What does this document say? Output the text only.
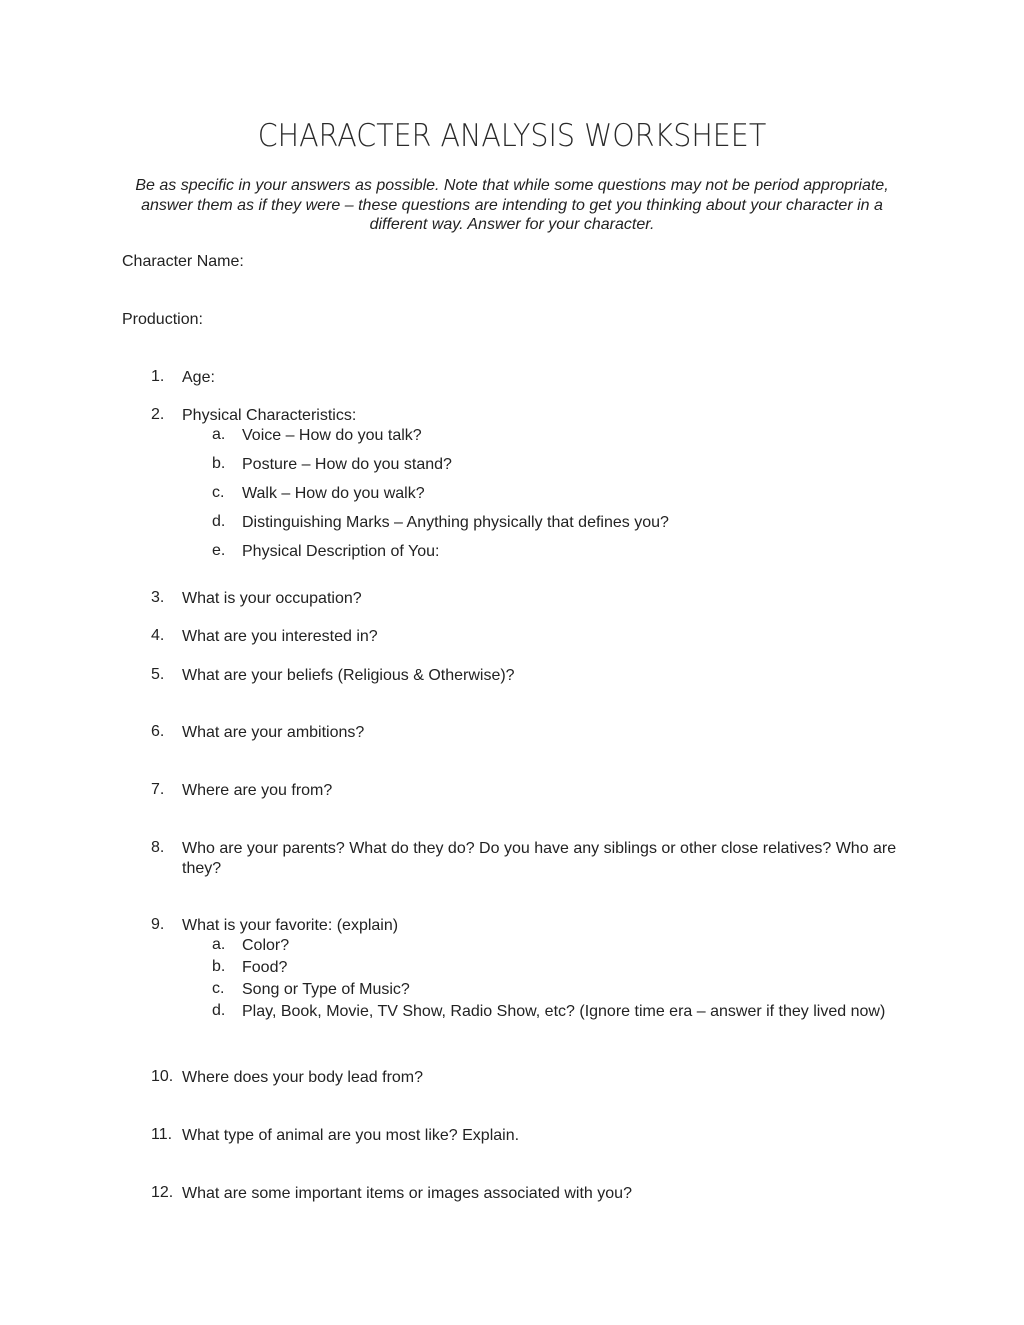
CHARACTER ANALYSIS WORKSHEET
Be as specific in your answers as possible. Note that while some questions may not be period appropriate, answer them as if they were – these questions are intending to get you thinking about your character in a different way. Answer for your character.
Character Name:
Production:
1.	Age:
2.	Physical Characteristics:
a. Voice – How do you talk?
b. Posture – How do you stand?
c. Walk – How do you walk?
d. Distinguishing Marks – Anything physically that defines you?
e. Physical Description of You:
3.	What is your occupation?
4.	What are you interested in?
5.	What are your beliefs (Religious & Otherwise)?
6.	What are your ambitions?
7.	Where are you from?
8.	Who are your parents? What do they do? Do you have any siblings or other close relatives? Who are they?
9.	What is your favorite: (explain)
a. Color?
b. Food?
c. Song or Type of Music?
d. Play, Book, Movie, TV Show, Radio Show, etc? (Ignore time era – answer if they lived now)
10. Where does your body lead from?
11. What type of animal are you most like? Explain.
12. What are some important items or images associated with you?
